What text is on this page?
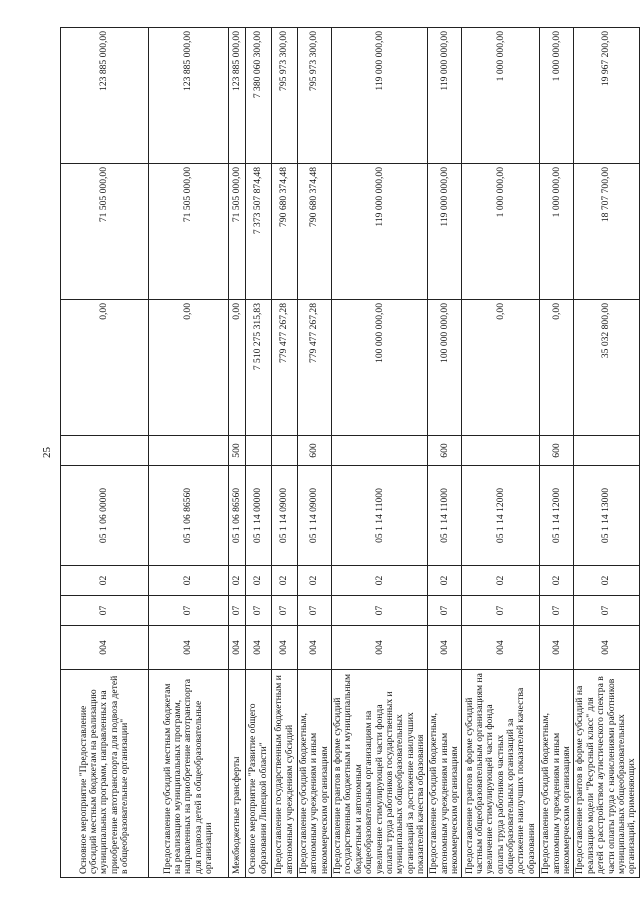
25
Основное мероприятие "Предоставление субсидий местным бюджетам на реализацию муниципальных программ, направленных на приобретение автотранспорта для подвоза детей в общеобразовательные организации"	004	07	02	05 1 06 00000		0,00	71 505 000,00	123 885 000,00
Предоставление субсидий местным бюджетам на реализацию муниципальных программ, направленных на приобретение автотранспорта для подвоза детей в общеобразовательные организации	004	07	02	05 1 06 86560		0,00	71 505 000,00	123 885 000,00
Межбюджетные трансферты	004	07	02	05 1 06 86560	500	0,00	71 505 000,00	123 885 000,00
Основное мероприятие "Развитие общего образования Липецкой области"	004	07	02	05 1 14 00000		7 510 275 315,83	7 373 507 874,48	7 380 060 300,00
Предоставление государственным бюджетным и автономным учреждениям субсидий	004	07	02	05 1 14 09000		779 477 267,28	790 680 374,48	795 973 300,00
Предоставление субсидий бюджетным, автономным учреждениям и иным некоммерческим организациям	004	07	02	05 1 14 09000	600	779 477 267,28	790 680 374,48	795 973 300,00
Предоставление грантов в форме субсидий государственным бюджетным и муниципальным бюджетным и автономным общеобразовательным организациям на увеличение стимулирующей части фонда оплаты труда работников государственных и муниципальных общеобразовательных организаций за достижение наилучших показателей качества образования	004	07	02	05 1 14 11000		100 000 000,00	119 000 000,00	119 000 000,00
Предоставление субсидий бюджетным, автономным учреждениям и иным некоммерческим организациям	004	07	02	05 1 14 11000	600	100 000 000,00	119 000 000,00	119 000 000,00
Предоставление грантов в форме субсидий частным общеобразовательным организациям на увеличение стимулирующей части фонда оплаты труда работников частных общеобразовательных организаций за достижение наилучших показателей качества образования	004	07	02	05 1 14 12000		0,00	1 000 000,00	1 000 000,00
Предоставление субсидий бюджетным, автономным учреждениям и иным некоммерческим организациям	004	07	02	05 1 14 12000	600	0,00	1 000 000,00	1 000 000,00
Предоставление грантов в форме субсидий на реализацию модели "Ресурсный класс" для детей с расстройством аутистического спектра в части оплаты труда с начислениями работников муниципальных общеобразовательных организаций, применяющих	004	07	02	05 1 14 13000		35 032 800,00	18 707 700,00	19 967 200,00
